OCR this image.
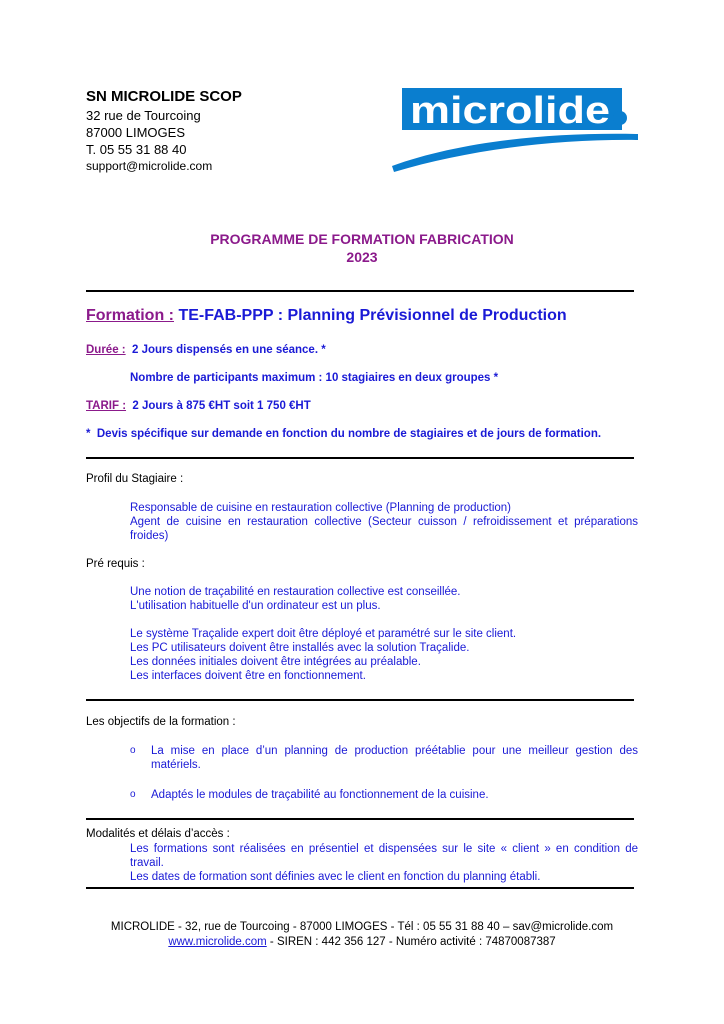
SN MICROLIDE SCOP
32 rue de Tourcoing
87000 LIMOGES
T. 05 55 31 88 40
support@microlide.com
microlide
PROGRAMME DE FORMATION FABRICATION
2023
Formation : TE-FAB-PPP : Planning Prévisionnel de Production
Durée :  2 Jours dispensés en une séance. *
Nombre de participants maximum : 10 stagiaires en deux groupes *
TARIF :  2 Jours à 875 €HT soit 1 750 €HT
*  Devis spécifique sur demande en fonction du nombre de stagiaires et de jours de formation.
Profil du Stagiaire :
Responsable de cuisine en restauration collective (Planning de production)
Agent de cuisine en restauration collective (Secteur cuisson / refroidissement et préparations froides)
Pré requis :
Une notion de traçabilité en restauration collective est conseillée.
L'utilisation habituelle d'un ordinateur est un plus.
Le système Traçalide expert doit être déployé et paramétré sur le site client.
Les PC utilisateurs doivent être installés avec la solution Traçalide.
Les données initiales doivent être intégrées au préalable.
Les interfaces doivent être en fonctionnement.
Les objectifs de la formation :
o La mise en place d’un planning de production préétablie pour une meilleur gestion des matériels.
o Adaptés le modules de traçabilité au fonctionnement de la cuisine.
Modalités et délais d’accès :
Les formations sont réalisées en présentiel et dispensées sur le site « client » en condition de travail.
Les dates de formation sont définies avec le client en fonction du planning établi.
MICROLIDE - 32, rue de Tourcoing - 87000 LIMOGES - Tél : 05 55 31 88 40 – sav@microlide.com
www.microlide.com - SIREN : 442 356 127 - Numéro activité : 74870087387
